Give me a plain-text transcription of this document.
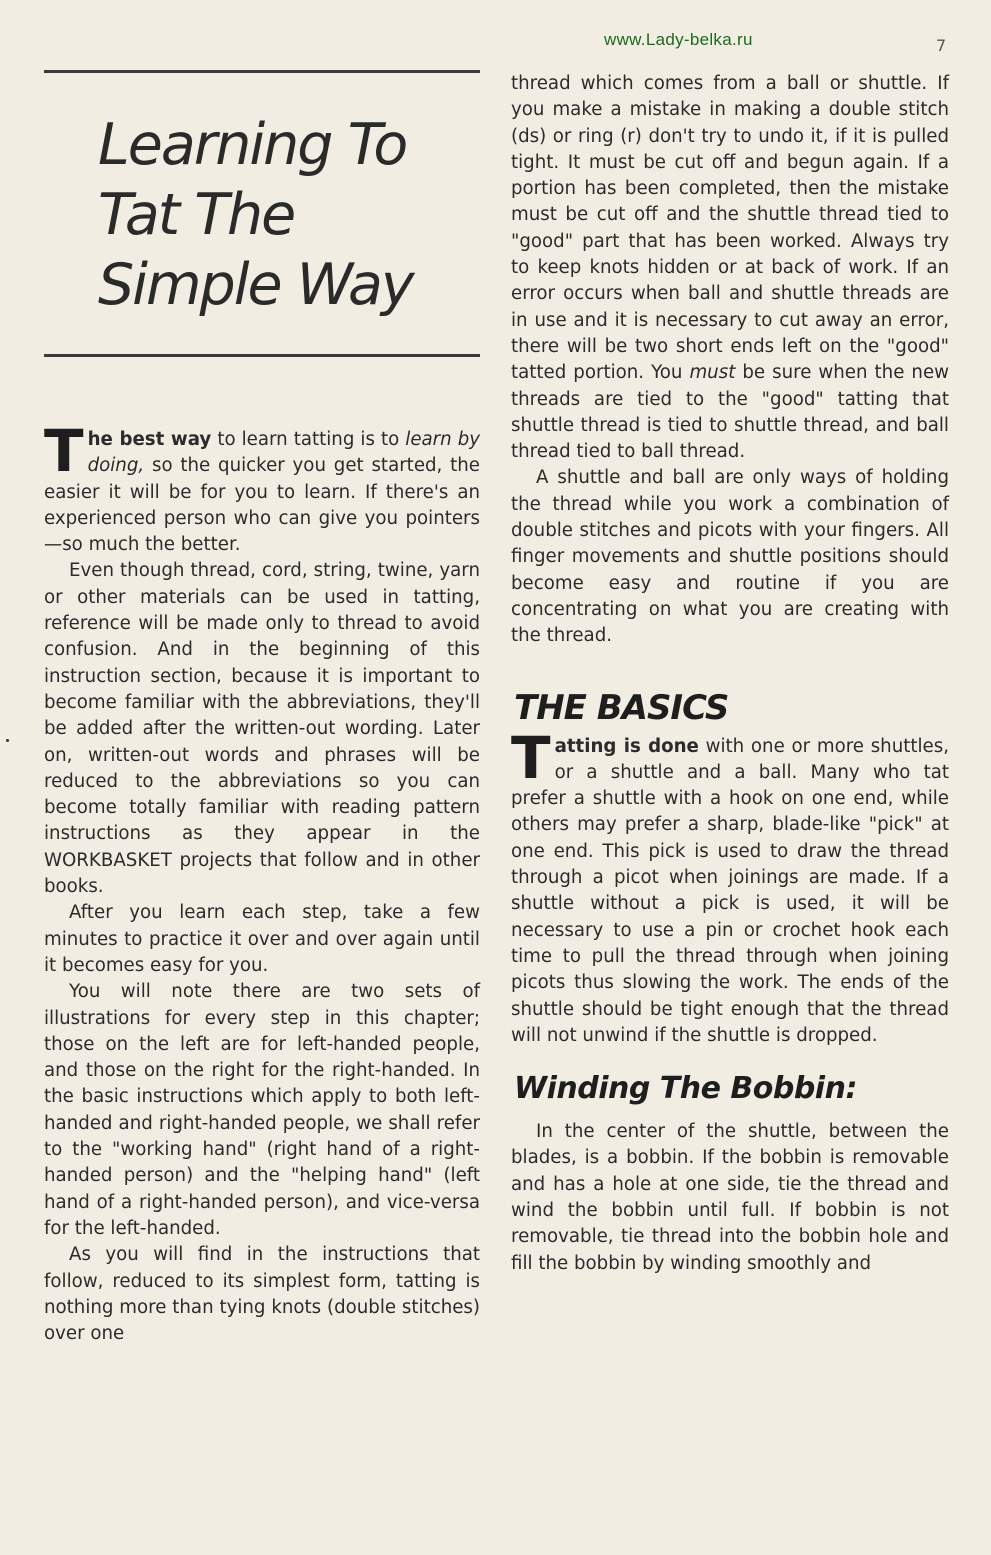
www.Lady-belka.ru	7
Learning To
Tat The
Simple Way

The best way to learn tatting is to learn by doing, so the quicker you get started, the easier it will be for you to learn. If there's an experienced person who can give you pointers—so much the better.

Even though thread, cord, string, twine, yarn or other materials can be used in tatting, reference will be made only to thread to avoid confusion. And in the beginning of this instruction section, because it is important to become familiar with the abbreviations, they'll be added after the written-out wording. Later on, written-out words and phrases will be reduced to the abbreviations so you can become totally familiar with reading pattern instructions as they appear in the WORKBASKET projects that follow and in other books.

After you learn each step, take a few minutes to practice it over and over again until it becomes easy for you.

You will note there are two sets of illustrations for every step in this chapter; those on the left are for left-handed people, and those on the right for the right-handed. In the basic instructions which apply to both left-handed and right-handed people, we shall refer to the "working hand" (right hand of a right-handed person) and the "helping hand" (left hand of a right-handed person), and vice-versa for the left-handed.

As you will find in the instructions that follow, reduced to its simplest form, tatting is nothing more than tying knots (double stitches) over one

thread which comes from a ball or shuttle. If you make a mistake in making a double stitch (ds) or ring (r) don't try to undo it, if it is pulled tight. It must be cut off and begun again. If a portion has been completed, then the mistake must be cut off and the shuttle thread tied to "good" part that has been worked. Always try to keep knots hidden or at back of work. If an error occurs when ball and shuttle threads are in use and it is necessary to cut away an error, there will be two short ends left on the "good" tatted portion. You must be sure when the new threads are tied to the "good" tatting that shuttle thread is tied to shuttle thread, and ball thread tied to ball thread.

A shuttle and ball are only ways of holding the thread while you work a combination of double stitches and picots with your fingers. All finger movements and shuttle positions should become easy and routine if you are concentrating on what you are creating with the thread.

THE BASICS

Tatting is done with one or more shuttles, or a shuttle and a ball. Many who tat prefer a shuttle with a hook on one end, while others may prefer a sharp, blade-like "pick" at one end. This pick is used to draw the thread through a picot when joinings are made. If a shuttle without a pick is used, it will be necessary to use a pin or crochet hook each time to pull the thread through when joining picots thus slowing the work. The ends of the shuttle should be tight enough that the thread will not unwind if the shuttle is dropped.

Winding The Bobbin:

In the center of the shuttle, between the blades, is a bobbin. If the bobbin is removable and has a hole at one side, tie the thread and wind the bobbin until full. If bobbin is not removable, tie thread into the bobbin hole and fill the bobbin by winding smoothly and
